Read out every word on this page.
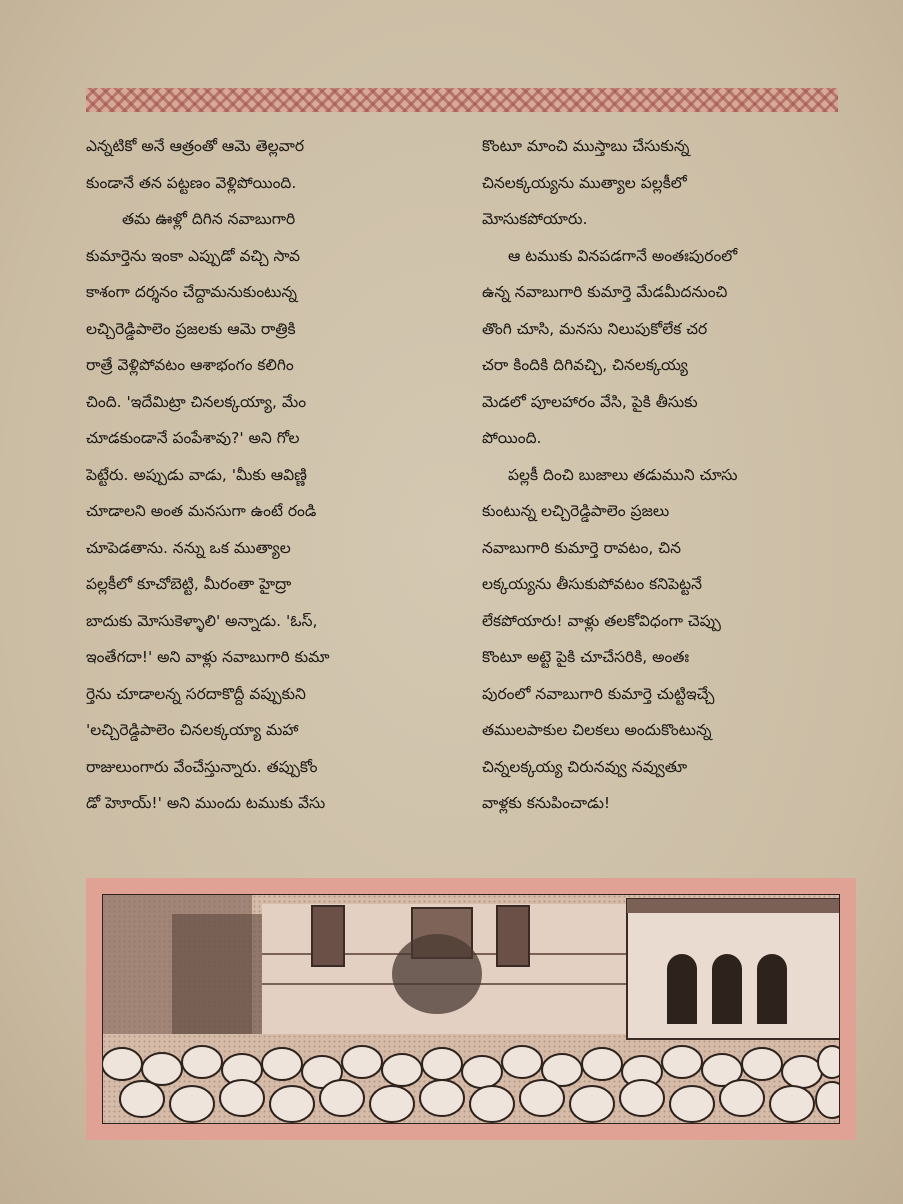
ఎన్నటికో అనే ఆత్రంతో ఆమె తెల్లవార

కుండానే తన పట్టణం వెళ్లిపోయింది.

తమ ఊళ్లో దిగిన నవాబుగారి

కుమార్తెను ఇంకా ఎప్పుడో వచ్చి సావ

కాశంగా దర్శనం చేద్దామనుకుంటున్న

లచ్చిరెడ్డిపాలెం ప్రజలకు ఆమె రాత్రికి

రాత్రే వెళ్లిపోవటం ఆశాభంగం కలిగిం

చింది. 'ఇదేమిట్రా చినలక్కయ్యా, మేం

చూడకుండానే పంపేశావు?' అని గోల

పెట్టేరు. అప్పుడు వాడు, 'మీకు ఆవిణ్ణి

చూడాలని అంత మనసుగా ఉంటే రండి

చూపెడతాను. నన్ను ఒక ముత్యాల

పల్లకీలో కూచోబెట్టి, మీరంతా హైద్రా

బాదుకు మోసుకెళ్ళాలి' అన్నాడు. 'ఓస్,

ఇంతేగదా!' అని వాళ్లు నవాబుగారి కుమా

ర్తెను చూడాలన్న సరదాకొద్దీ వప్పుకుని

'లచ్చిరెడ్డిపాలెం చినలక్కయ్యా మహా

రాజులుంగారు వేంచేస్తున్నారు. తప్పుకోం

డో హెూయ్!' అని ముందు టముకు వేసు

కొంటూ మాంచి ముస్తాబు చేసుకున్న

చినలక్కయ్యను ముత్యాల పల్లకీలో

మోసుకపోయారు.

ఆ టముకు వినపడగానే అంతఃపురంలో

ఉన్న నవాబుగారి కుమార్తె మేడమీదనుంచి

తొంగి చూసి, మనసు నిలుపుకోలేక చర

చరా కిందికి దిగివచ్చి, చినలక్కయ్య

మెడలో పూలహారం వేసి, పైకి తీసుకు

పోయింది.

పల్లకీ దించి బుజాలు తడుముని చూసు

కుంటున్న లచ్చిరెడ్డిపాలెం ప్రజలు

నవాబుగారి కుమార్తె రావటం, చిన

లక్కయ్యను తీసుకుపోవటం కనిపెట్టనే

లేకపోయారు! వాళ్లు తలకోవిధంగా చెప్పు

కొంటూ అట్టె పైకి చూచేసరికి, అంతః

పురంలో నవాబుగారి కుమార్తె చుట్టిఇచ్చే

తములపాకుల చిలకలు అందుకొంటున్న

చిన్నలక్కయ్య చిరునవ్వు నవ్వుతూ

వాళ్లకు కనుపించాడు!
